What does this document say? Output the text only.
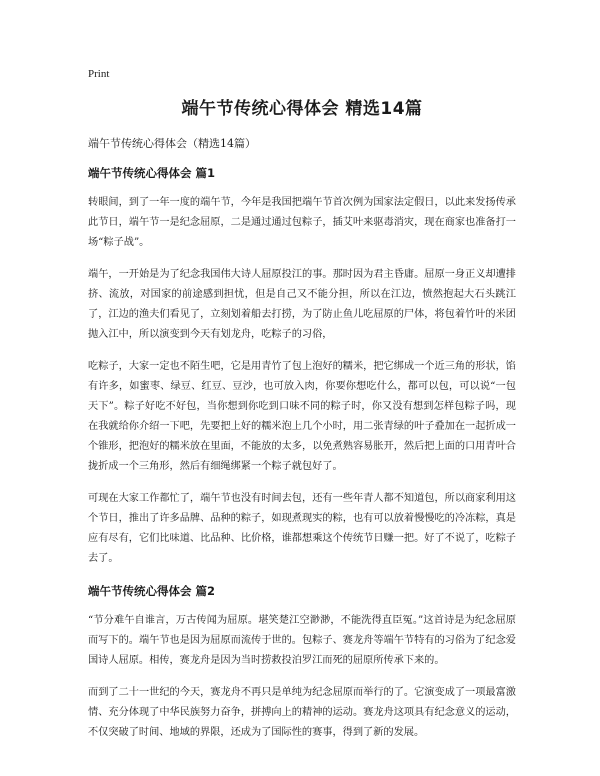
Print
端午节传统心得体会 精选14篇
端午节传统心得体会（精选14篇）
端午节传统心得体会 篇1

转眼间，到了一年一度的端午节，今年是我国把端午节首次例为国家法定假日，以此来发扬传承此节日，端午节一是纪念屈原，二是通过通过包粽子，插艾叶来驱毒消灾，现在商家也准备打一场“粽子战”。

端午，一开始是为了纪念我国伟大诗人屈原投江的事。那时因为君主昏庸。屈原一身正义却遭排挤、流放，对国家的前途感到担忧，但是自己又不能分担，所以在江边，愤然抱起大石头跳江了，江边的渔夫们看见了，立刻划着船去打捞，为了防止鱼儿吃屈原的尸体，将包着竹叶的米团抛入江中，所以演变到今天有划龙舟，吃粽子的习俗，

吃粽子，大家一定也不陌生吧，它是用青竹了包上泡好的糯米，把它绑成一个近三角的形状，馅有许多，如蜜枣、绿豆、红豆、豆沙，也可放入肉，你要你想吃什么，都可以包，可以说“一包天下”。粽子好吃不好包，当你想到你吃到口味不同的粽子时，你又没有想到怎样包粽子吗，现在我就给你介绍一下吧，先要把上好的糯米泡上几个小时，用二张青绿的叶子叠加在一起折成一个锥形，把泡好的糯米放在里面，不能放的太多，以免煮熟容易胀开，然后把上面的口用青叶合拢折成一个三角形，然后有细绳绑紧一个粽子就包好了。

可现在大家工作都忙了，端午节也没有时间去包，还有一些年青人都不知道包，所以商家利用这个节日，推出了许多品牌、品种的粽子，如现煮现实的粽，也有可以放着慢慢吃的冷冻粽，真是应有尽有，它们比味道、比品种、比价格，谁都想乘这个传统节日赚一把。好了不说了，吃粽子去了。

端午节传统心得体会 篇2

“节分难午自谁言，万古传闻为屈原。堪笑楚江空渺渺，不能洗得直臣冤。”这首诗是为纪念屈原而写下的。端午节也是因为屈原而流传于世的。包粽子、赛龙舟等端午节特有的习俗为了纪念爱国诗人屈原。相传，赛龙舟是因为当时捞救投泊罗江而死的屈原所传承下来的。

而到了二十一世纪的今天，赛龙舟不再只是单纯为纪念屈原而举行的了。它演变成了一项最富激情、充分体现了中华民族努力奋争，拼搏向上的精神的运动。赛龙舟这项具有纪念意义的运动，不仅突破了时间、地域的界限，还成为了国际性的赛事，得到了新的发展。
